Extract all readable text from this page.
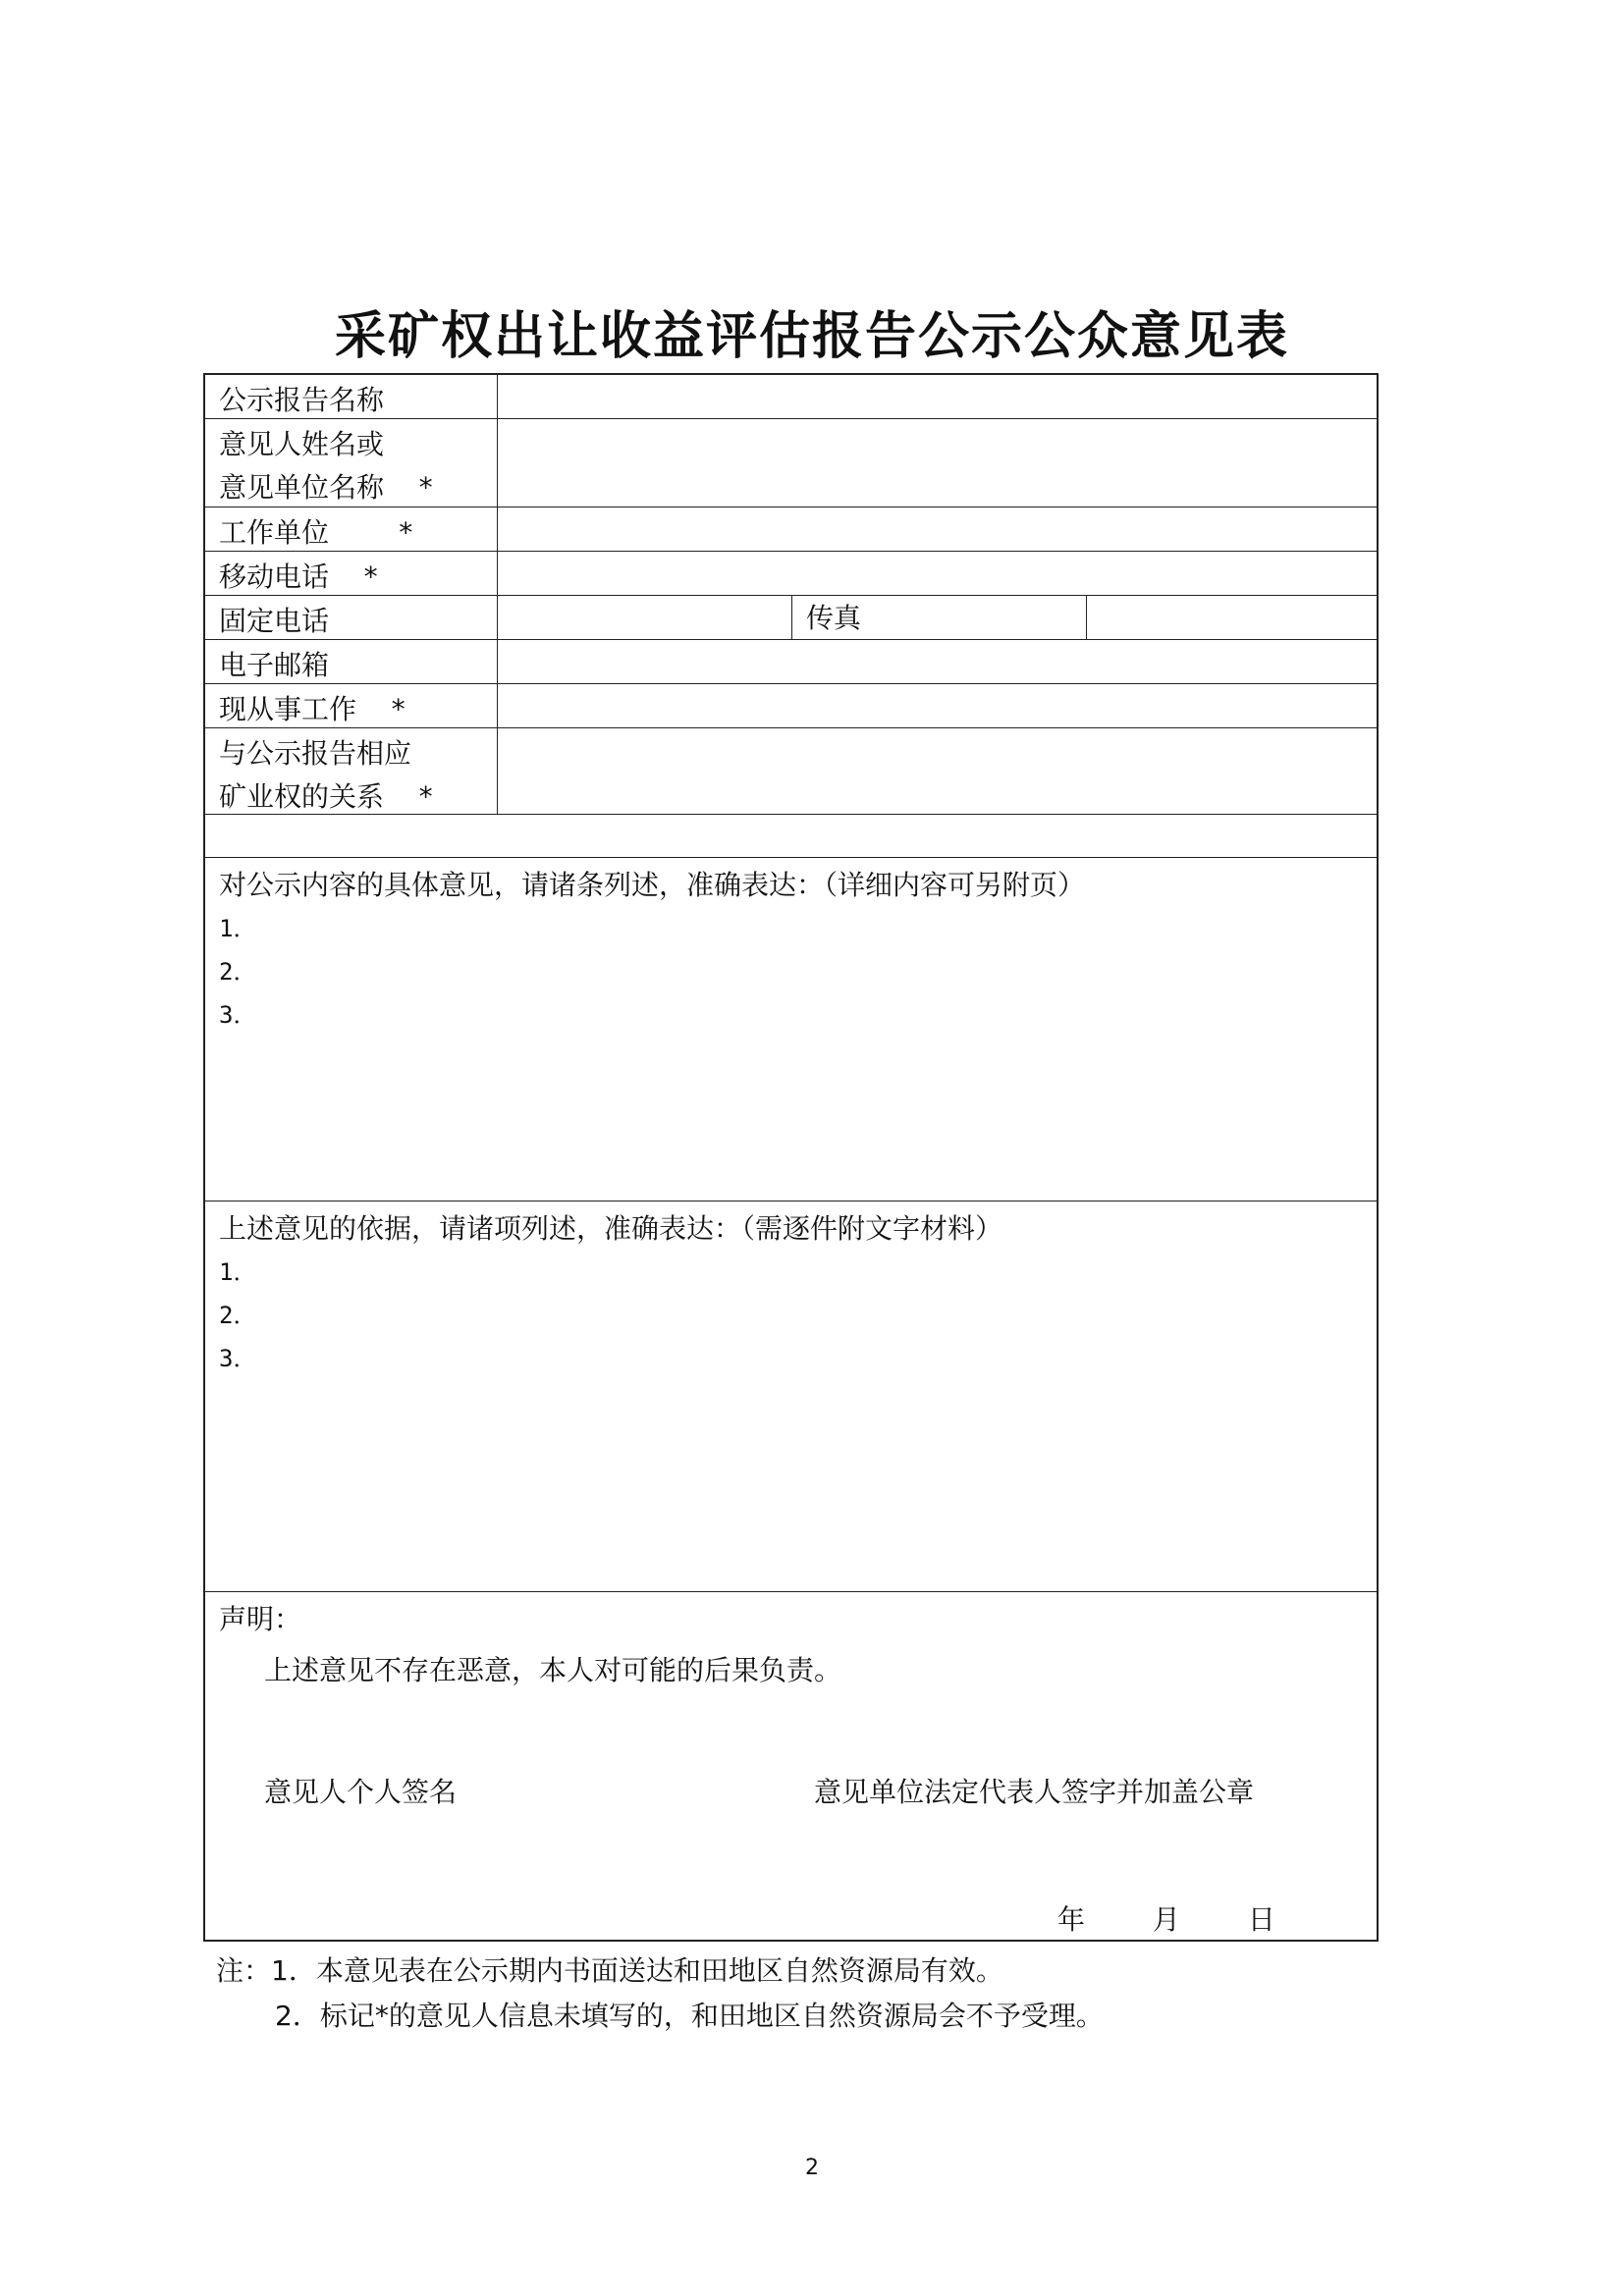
采矿权出让收益评估报告公示公众意见表
公示报告名称
意见人姓名或
意见单位名称    *
工作单位        *
移动电话    *
固定电话	传真
电子邮箱
现从事工作    *
与公示报告相应
矿业权的关系    *
对公示内容的具体意见，请诸条列述，准确表达：（详细内容可另附页）
1．
2．
3．
上述意见的依据，请诸项列述，准确表达：（需逐件附文字材料）
1．
2．
3．
声明：
上述意见不存在恶意，本人对可能的后果负责。
意见人个人签名	意见单位法定代表人签字并加盖公章
年 月 日
注：1．本意见表在公示期内书面送达和田地区自然资源局有效。
2．标记*的意见人信息未填写的，和田地区自然资源局会不予受理。
2
